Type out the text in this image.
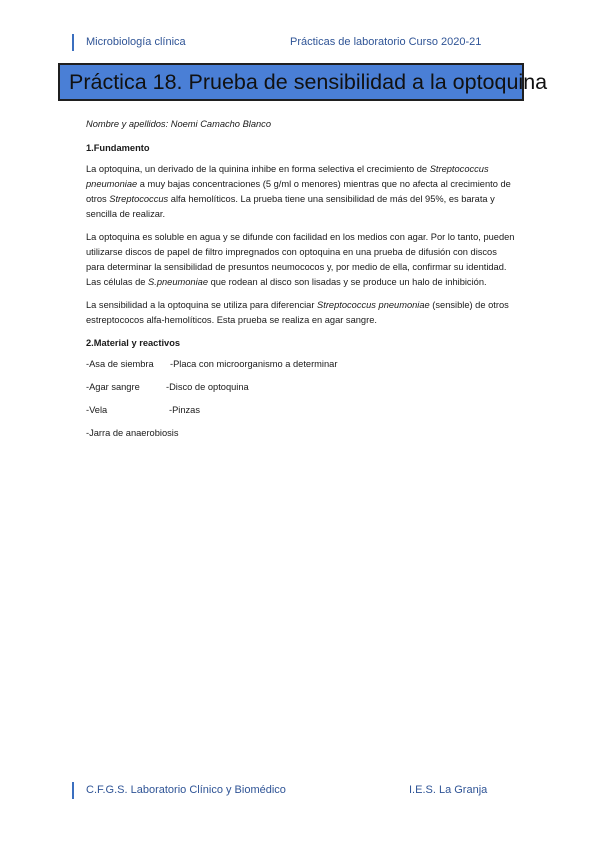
Microbiología clínica	Prácticas de laboratorio Curso 2020-21
Práctica 18. Prueba de sensibilidad a la optoquina

Nombre y apellidos: Noemi Camacho Blanco

1.Fundamento

La optoquina, un derivado de la quinina inhibe en forma selectiva el crecimiento de Streptococcus pneumoniae a muy bajas concentraciones (5 g/ml o menores) mientras que no afecta al crecimiento de otros Streptococcus alfa hemolíticos. La prueba tiene una sensibilidad de más del 95%, es barata y sencilla de realizar.

La optoquina es soluble en agua y se difunde con facilidad en los medios con agar. Por lo tanto, pueden utilizarse discos de papel de filtro impregnados con optoquina en una prueba de difusión con discos para determinar la sensibilidad de presuntos neumococos y, por medio de ella, confirmar su identidad. Las células de S.pneumoniae que rodean al disco son lisadas y se produce un halo de inhibición.

La sensibilidad a la optoquina se utiliza para diferenciar Streptococcus pneumoniae (sensible) de otros estreptococos alfa-hemolíticos. Esta prueba se realiza en agar sangre.

2.Material y reactivos

-Asa de siembra -Placa con microorganismo a determinar
-Agar sangre	-Disco de optoquina
-Vela	-Pinzas
-Jarra de anaerobiosis
C.F.G.S. Laboratorio Clínico y Biomédico	I.E.S. La Granja
